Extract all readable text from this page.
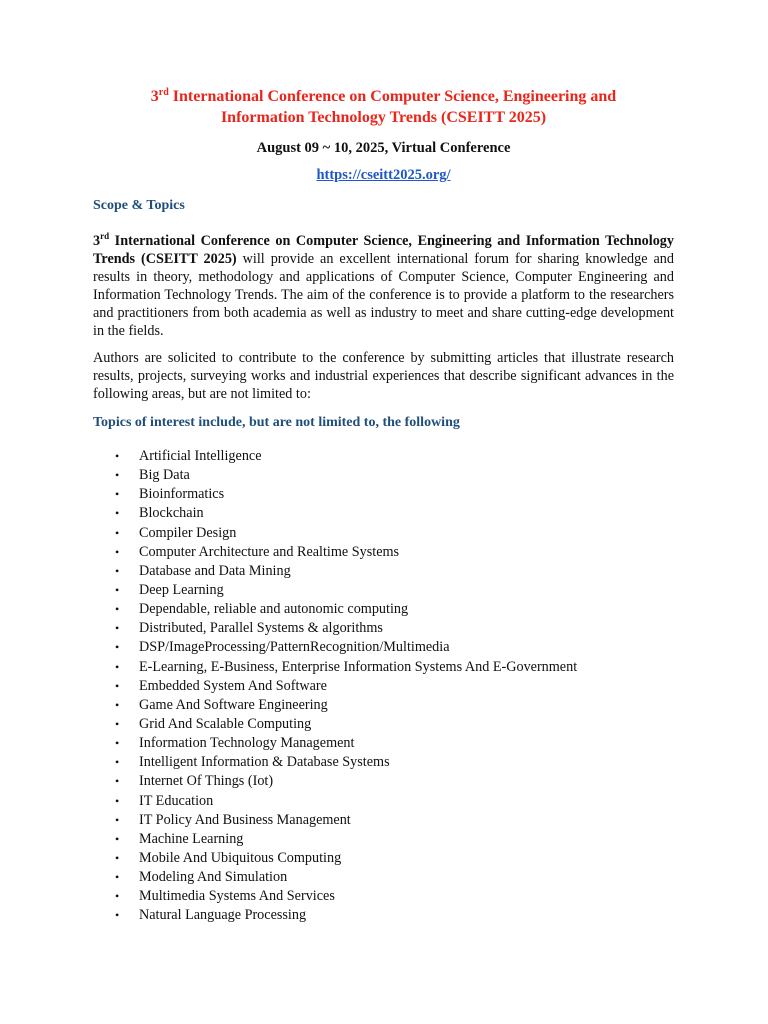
3rd International Conference on Computer Science, Engineering and
Information Technology Trends (CSEITT 2025)
August 09 ~ 10, 2025, Virtual Conference
https://cseitt2025.org/
Scope & Topics

3rd International Conference on Computer Science, Engineering and Information Technology Trends (CSEITT 2025) will provide an excellent international forum for sharing knowledge and results in theory, methodology and applications of Computer Science, Computer Engineering and Information Technology Trends. The aim of the conference is to provide a platform to the researchers and practitioners from both academia as well as industry to meet and share cutting-edge development in the fields.

Authors are solicited to contribute to the conference by submitting articles that illustrate research results, projects, surveying works and industrial experiences that describe significant advances in the following areas, but are not limited to:

Topics of interest include, but are not limited to, the following
• Artificial Intelligence
• Big Data
• Bioinformatics
• Blockchain
• Compiler Design
• Computer Architecture and Realtime Systems
• Database and Data Mining
• Deep Learning
• Dependable, reliable and autonomic computing
• Distributed, Parallel Systems & algorithms
• DSP/ImageProcessing/PatternRecognition/Multimedia
• E-Learning, E-Business, Enterprise Information Systems And E-Government
• Embedded System And Software
• Game And Software Engineering
• Grid And Scalable Computing
• Information Technology Management
• Intelligent Information & Database Systems
• Internet Of Things (Iot)
• IT Education
• IT Policy And Business Management
• Machine Learning
• Mobile And Ubiquitous Computing
• Modeling And Simulation
• Multimedia Systems And Services
• Natural Language Processing
